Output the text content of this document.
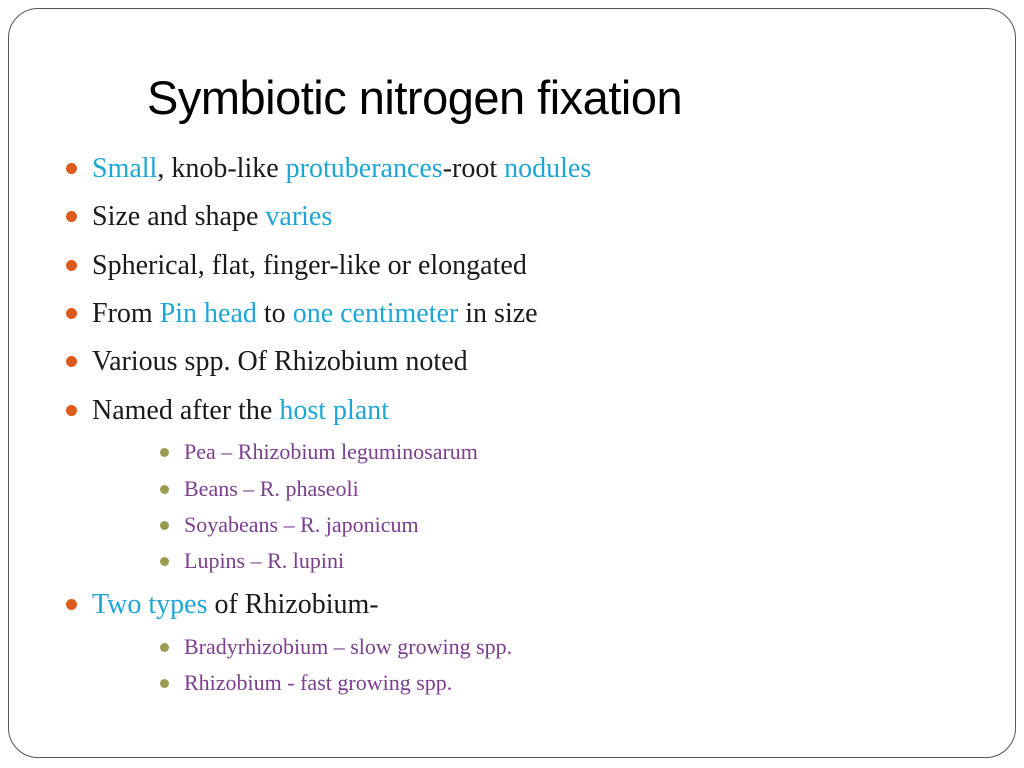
Symbiotic nitrogen fixation
Small, knob-like protuberances-root nodules
Size and shape varies
Spherical, flat, finger-like or elongated
From Pin head to one centimeter in size
Various spp. Of Rhizobium noted
Named after the host plant
Pea – Rhizobium leguminosarum
Beans – R. phaseoli
Soyabeans – R. japonicum
Lupins – R. lupini
Two types of Rhizobium-
Bradyrhizobium – slow growing spp.
Rhizobium - fast growing spp.
